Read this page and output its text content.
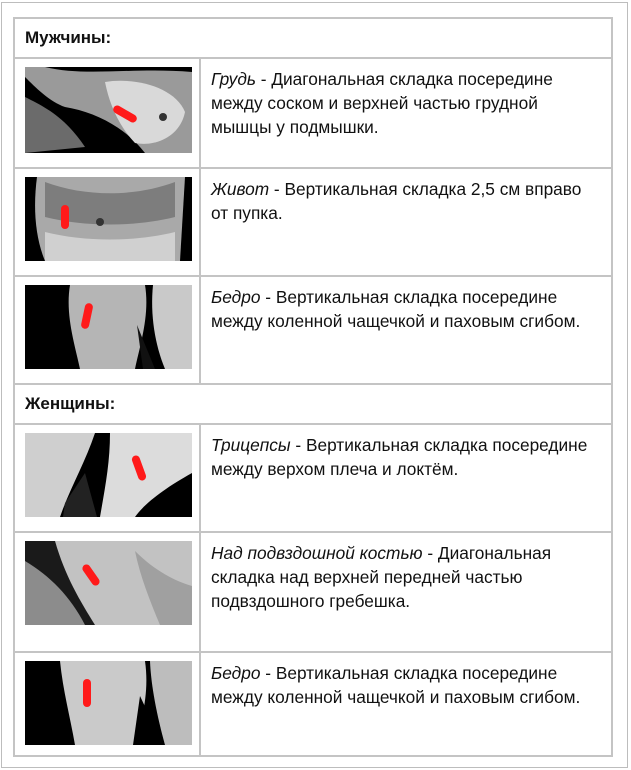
Мужчины:	

	Грудь - Диагональная складка посередине между соском и верхней частью грудной мышцы у подмышки.

	Живот - Вертикальная складка 2,5 см вправо от пупка.

	Бедро - Вертикальная складка посередине между коленной чащечкой и паховым сгибом.
Женщины:	

	Трицепсы - Вертикальная складка посередине между верхом плеча и локтём.

	Над подвздошной костью - Диагональная складка над верхней передней частью подвздошного гребешка.

	Бедро - Вертикальная складка посередине между коленной чащечкой и паховым сгибом.
